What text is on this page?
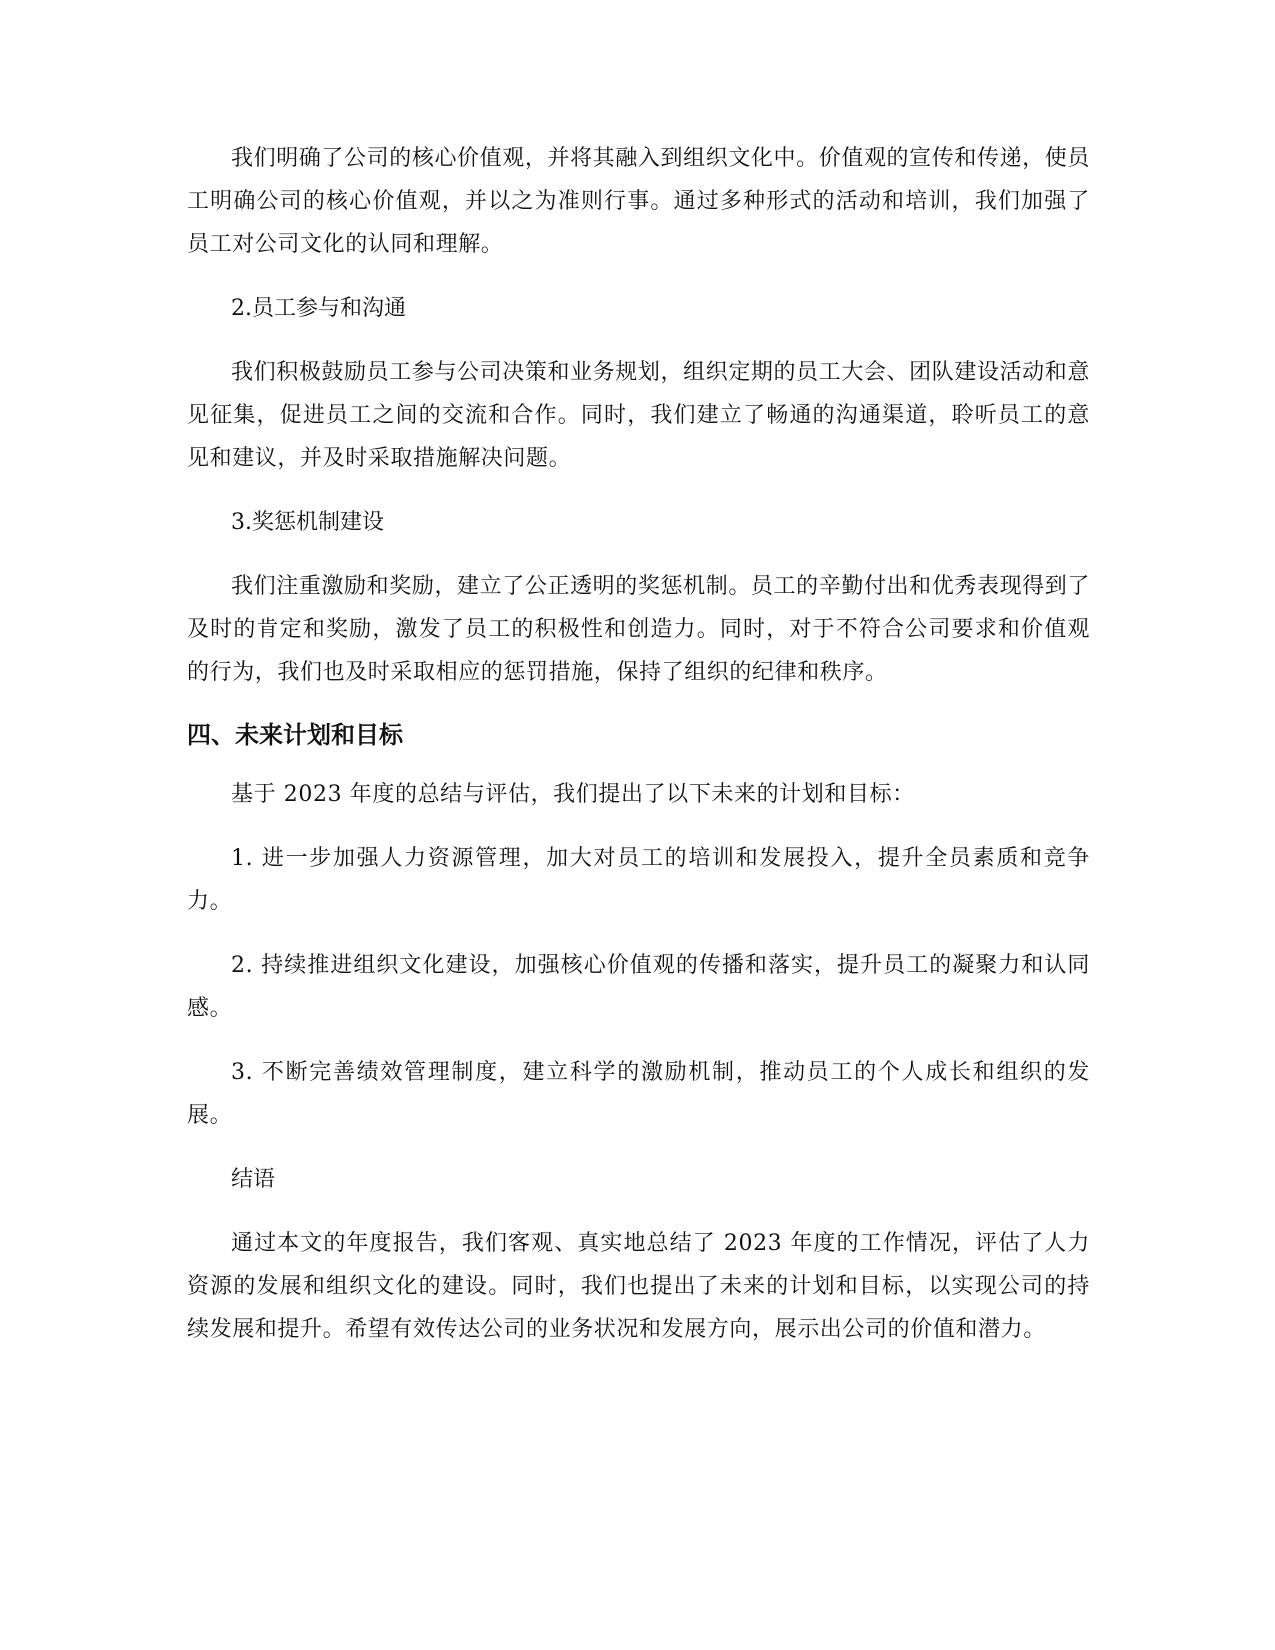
我们明确了公司的核心价值观，并将其融入到组织文化中。价值观的宣传和传递，使员工明确公司的核心价值观，并以之为准则行事。通过多种形式的活动和培训，我们加强了员工对公司文化的认同和理解。

2.员工参与和沟通

我们积极鼓励员工参与公司决策和业务规划，组织定期的员工大会、团队建设活动和意见征集，促进员工之间的交流和合作。同时，我们建立了畅通的沟通渠道，聆听员工的意见和建议，并及时采取措施解决问题。

3.奖惩机制建设

我们注重激励和奖励，建立了公正透明的奖惩机制。员工的辛勤付出和优秀表现得到了及时的肯定和奖励，激发了员工的积极性和创造力。同时，对于不符合公司要求和价值观的行为，我们也及时采取相应的惩罚措施，保持了组织的纪律和秩序。

四、未来计划和目标

基于 2023 年度的总结与评估，我们提出了以下未来的计划和目标：

1. 进一步加强人力资源管理，加大对员工的培训和发展投入，提升全员素质和竞争力。

2. 持续推进组织文化建设，加强核心价值观的传播和落实，提升员工的凝聚力和认同感。

3. 不断完善绩效管理制度，建立科学的激励机制，推动员工的个人成长和组织的发展。

结语

通过本文的年度报告，我们客观、真实地总结了 2023 年度的工作情况，评估了人力资源的发展和组织文化的建设。同时，我们也提出了未来的计划和目标，以实现公司的持续发展和提升。希望有效传达公司的业务状况和发展方向，展示出公司的价值和潜力。
